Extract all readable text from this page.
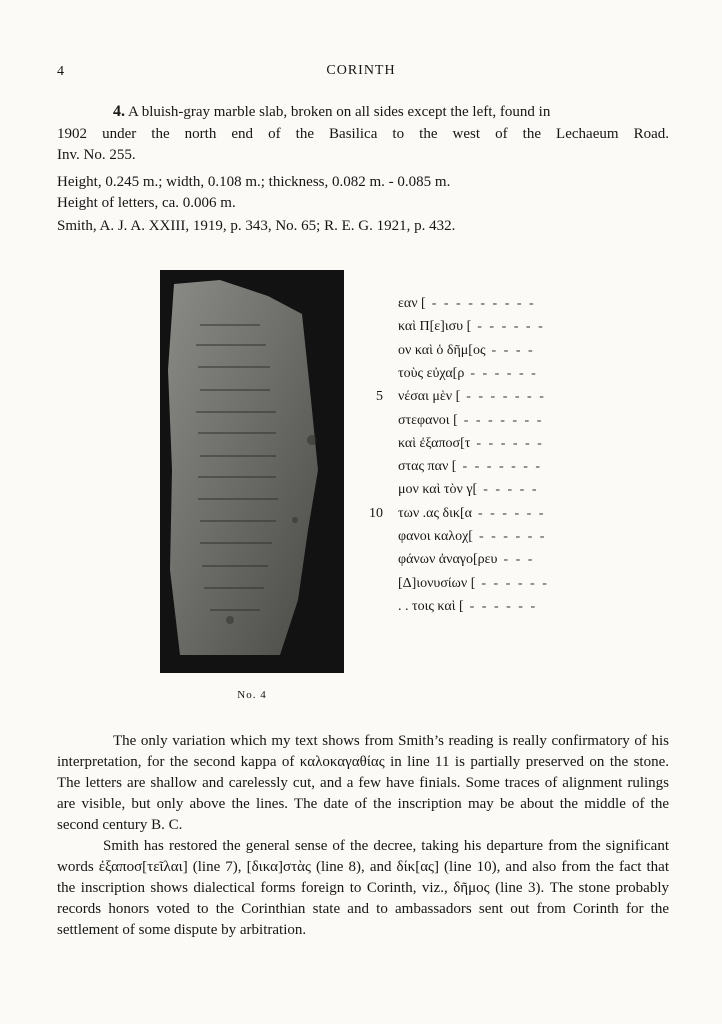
4	CORINTH
4. A bluish-gray marble slab, broken on all sides except the left, found in
1902 under the north end of the Basilica to the west of the Lechaeum Road.
Inv. No. 255.
Height, 0.245 m.; width, 0.108 m.; thickness, 0.082 m. - 0.085 m.
Height of letters, ca. 0.006 m.
Smith, A. J. A. XXIII, 1919, p. 343, No. 65; R. E. G. 1921, p. 432.
No. 4
εαν [ - - - - - - - - -
καὶ Π[ε]ισυ [ - - - - - -
ον καὶ ὁ δῆμ[ος - - - -
τοὺς εὐχα[ρ - - - - - -
5 νέσαι μὲν [ - - - - - - -
στεφανοι [ - - - - - - -
καὶ ἐξαποσ[τ - - - - - -
στας παν [ - - - - - - -
μον καὶ τὸν γ[ - - - - -
10 των .ας δικ[α - - - - - -
φανοι καλοχ[ - - - - - -
φάνων ἀναγο[ρευ - - -
[Δ]ιονυσίων [ - - - - - -
. . τοις καὶ [ - - - - - -

The only variation which my text shows from Smith’s reading is really confirmatory of his interpretation, for the second kappa of καλοκαγαθίας in line 11 is partially preserved on the stone. The letters are shallow and carelessly cut, and a few have finials. Some traces of alignment rulings are visible, but only above the lines. The date of the inscription may be about the middle of the second century B. C.

Smith has restored the general sense of the decree, taking his departure from the significant words ἐξαποσ[τεῖλαι] (line 7), [δικα]στὰς (line 8), and δίκ[ας] (line 10), and also from the fact that the inscription shows dialectical forms foreign to Corinth, viz., δῆμος (line 3). The stone probably records honors voted to the Corinthian state and to ambassadors sent out from Corinth for the settlement of some dispute by arbitration.
